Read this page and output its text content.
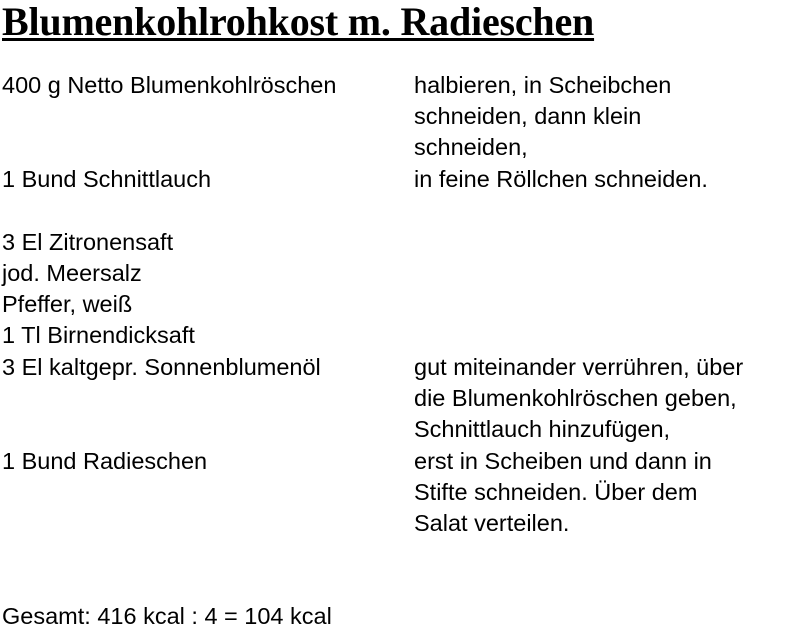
Blumenkohlrohkost m. Radieschen
400 g Netto Blumenkohlröschen	halbieren, in Scheibchen
schneiden, dann klein
schneiden,
1 Bund Schnittlauch	in feine Röllchen schneiden.
3 El Zitronensaft
jod. Meersalz
Pfeffer, weiß
1 Tl Birnendicksaft
3 El kaltgepr. Sonnenblumenöl	gut miteinander verrühren, über
die Blumenkohlröschen geben,
Schnittlauch hinzufügen,
1 Bund Radieschen	erst in Scheiben und dann in
Stifte schneiden. Über dem
Salat verteilen.
Gesamt: 416 kcal : 4 = 104 kcal
